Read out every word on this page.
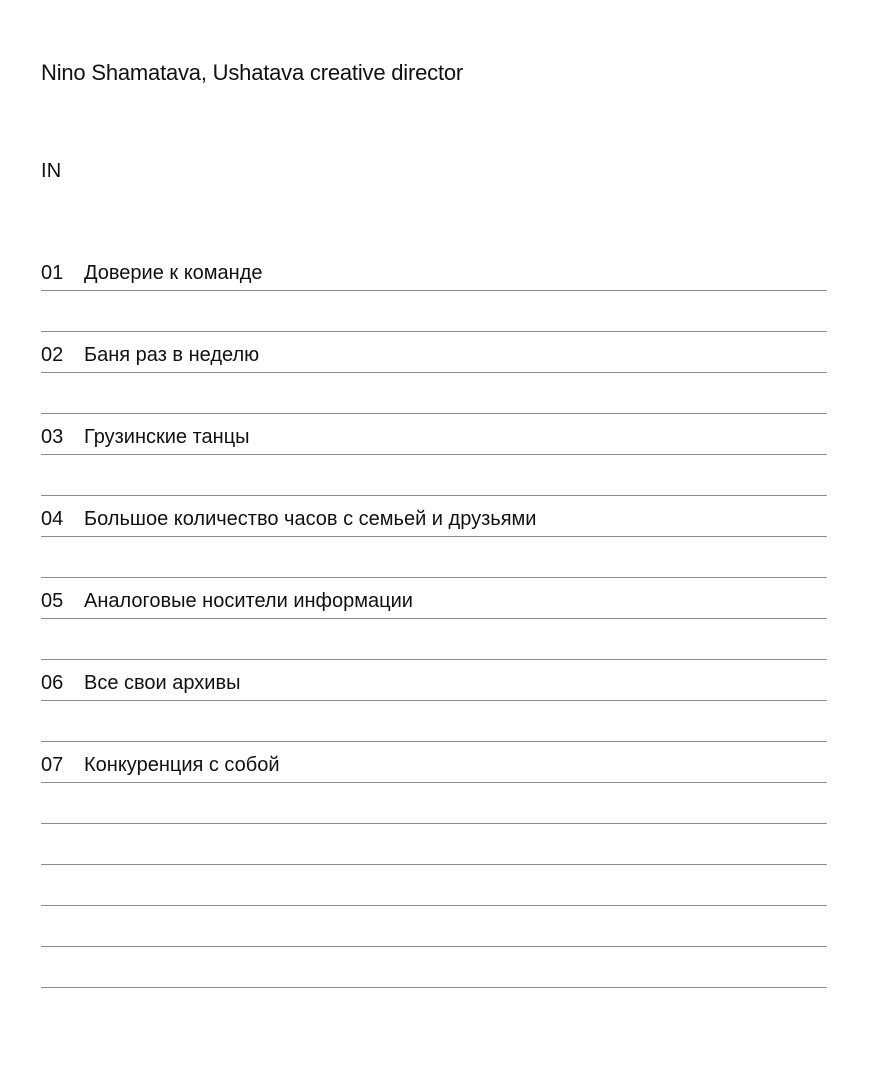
Nino Shamatava, Ushatava creative director
IN
01	Доверие к команде
02	Баня раз в неделю
03	Грузинские танцы
04	Большое количество часов с семьей и друзьями
05	Аналоговые носители информации
06	Все свои архивы
07	Конкуренция с собой
